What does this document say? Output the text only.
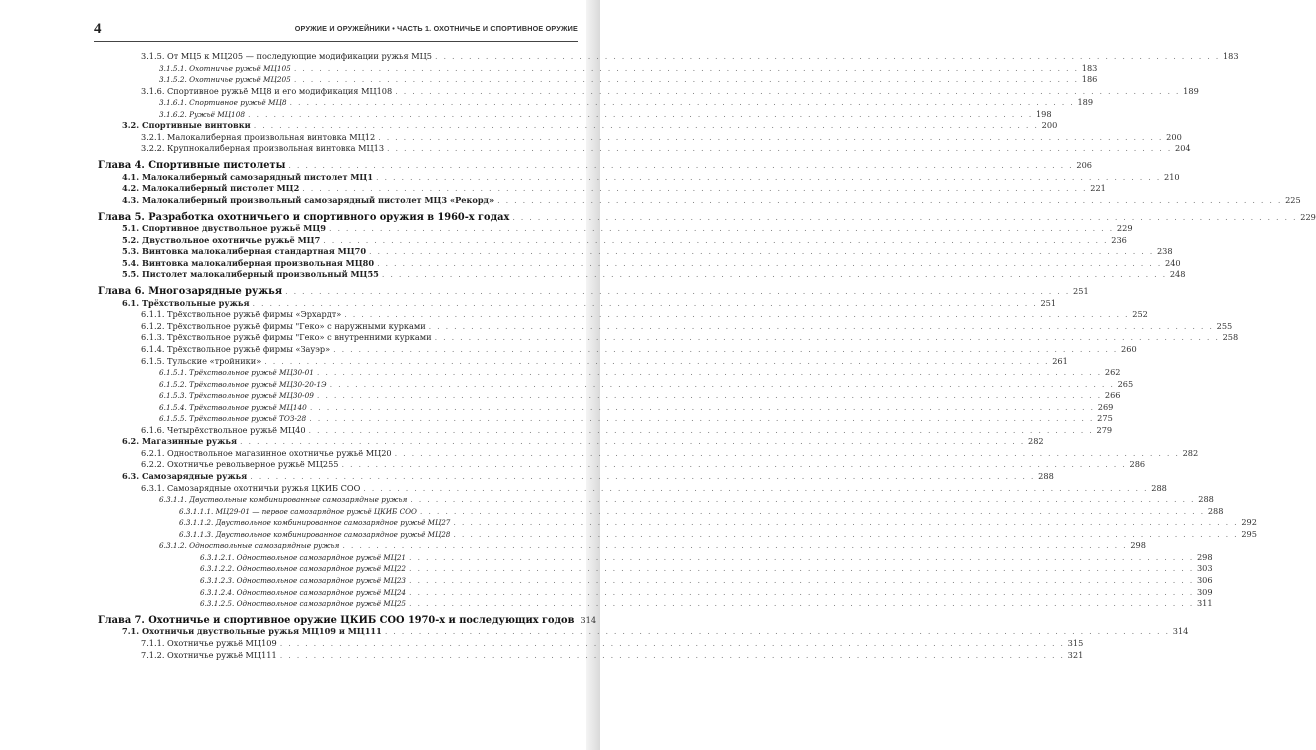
4	ОРУЖИЕ И ОРУЖЕЙНИКИ • ЧАСТЬ 1. ОХОТНИЧЬЕ И СПОРТИВНОЕ ОРУЖИЕ
3.1.5. От МЦ5 к МЦ205 — последующие модификации ружья МЦ5 . . . . . . . . . . . . . . . . . . . . . . . . . . . . . . . . . . . . . . . . . . . . . . . . . . . . . . . . . . . . . . . . . . . . . . . . . . . . . . . . . . . . . . . . . . . . . 183
3.1.5.1. Охотничье ружьё МЦ105 . . . . . . . . . . . . . . . . . . . . . . . . . . . . . . . . . . . . . . . . . . . . . . . . . . . . . . . . . . . . . . . . . . . . . . . . . . . . . . . . . . . . . . . . . . . . . 183
3.1.5.2. Охотничье ружьё МЦ205 . . . . . . . . . . . . . . . . . . . . . . . . . . . . . . . . . . . . . . . . . . . . . . . . . . . . . . . . . . . . . . . . . . . . . . . . . . . . . . . . . . . . . . . . . . . . . 186
3.1.6. Спортивное ружьё МЦ8 и его модификация МЦ108 . . . . . . . . . . . . . . . . . . . . . . . . . . . . . . . . . . . . . . . . . . . . . . . . . . . . . . . . . . . . . . . . . . . . . . . . . . . . . . . . . . . . . . . . . . . . . 189
3.1.6.1. Спортивное ружьё МЦ8 . . . . . . . . . . . . . . . . . . . . . . . . . . . . . . . . . . . . . . . . . . . . . . . . . . . . . . . . . . . . . . . . . . . . . . . . . . . . . . . . . . . . . . . . . . . . . 189
3.1.6.2. Ружьё МЦ108 . . . . . . . . . . . . . . . . . . . . . . . . . . . . . . . . . . . . . . . . . . . . . . . . . . . . . . . . . . . . . . . . . . . . . . . . . . . . . . . . . . . . . . . . . . . . . 198
3.2. Спортивные винтовки . . . . . . . . . . . . . . . . . . . . . . . . . . . . . . . . . . . . . . . . . . . . . . . . . . . . . . . . . . . . . . . . . . . . . . . . . . . . . . . . . . . . . . . . . . . . . 200
3.2.1. Малокалиберная произвольная винтовка МЦ12 . . . . . . . . . . . . . . . . . . . . . . . . . . . . . . . . . . . . . . . . . . . . . . . . . . . . . . . . . . . . . . . . . . . . . . . . . . . . . . . . . . . . . . . . . . . . . 200
3.2.2. Крупнокалиберная произвольная винтовка МЦ13 . . . . . . . . . . . . . . . . . . . . . . . . . . . . . . . . . . . . . . . . . . . . . . . . . . . . . . . . . . . . . . . . . . . . . . . . . . . . . . . . . . . . . . . . . . . . . 204
Глава 4. Спортивные пистолеты . . . . . . . . . . . . . . . . . . . . . . . . . . . . . . . . . . . . . . . . . . . . . . . . . . . . . . . . . . . . . . . . . . . . . . . . . . . . . . . . . . . . . . . . . . . . . 206
4.1. Малокалиберный самозарядный пистолет МЦ1 . . . . . . . . . . . . . . . . . . . . . . . . . . . . . . . . . . . . . . . . . . . . . . . . . . . . . . . . . . . . . . . . . . . . . . . . . . . . . . . . . . . . . . . . . . . . . 210
4.2. Малокалиберный пистолет МЦ2 . . . . . . . . . . . . . . . . . . . . . . . . . . . . . . . . . . . . . . . . . . . . . . . . . . . . . . . . . . . . . . . . . . . . . . . . . . . . . . . . . . . . . . . . . . . . . 221
4.3. Малокалиберный произвольный самозарядный пистолет МЦ3 «Рекорд» . . . . . . . . . . . . . . . . . . . . . . . . . . . . . . . . . . . . . . . . . . . . . . . . . . . . . . . . . . . . . . . . . . . . . . . . . . . . . . . . . . . . . . . . . . . . . 225
Глава 5. Разработка охотничьего и спортивного оружия в 1960-х годах . . . . . . . . . . . . . . . . . . . . . . . . . . . . . . . . . . . . . . . . . . . . . . . . . . . . . . . . . . . . . . . . . . . . . . . . . . . . . . . . . . . . . . . . . . . . . 229
5.1. Спортивное двуствольное ружьё МЦ9 . . . . . . . . . . . . . . . . . . . . . . . . . . . . . . . . . . . . . . . . . . . . . . . . . . . . . . . . . . . . . . . . . . . . . . . . . . . . . . . . . . . . . . . . . . . . . 229
5.2. Двуствольное охотничье ружьё МЦ7 . . . . . . . . . . . . . . . . . . . . . . . . . . . . . . . . . . . . . . . . . . . . . . . . . . . . . . . . . . . . . . . . . . . . . . . . . . . . . . . . . . . . . . . . . . . . . 236
5.3. Винтовка малокалиберная стандартная МЦ70 . . . . . . . . . . . . . . . . . . . . . . . . . . . . . . . . . . . . . . . . . . . . . . . . . . . . . . . . . . . . . . . . . . . . . . . . . . . . . . . . . . . . . . . . . . . . . 238
5.4. Винтовка малокалиберная произвольная МЦ80 . . . . . . . . . . . . . . . . . . . . . . . . . . . . . . . . . . . . . . . . . . . . . . . . . . . . . . . . . . . . . . . . . . . . . . . . . . . . . . . . . . . . . . . . . . . . . 240
5.5. Пистолет малокалиберный произвольный МЦ55 . . . . . . . . . . . . . . . . . . . . . . . . . . . . . . . . . . . . . . . . . . . . . . . . . . . . . . . . . . . . . . . . . . . . . . . . . . . . . . . . . . . . . . . . . . . . . 248
Глава 6. Многозарядные ружья . . . . . . . . . . . . . . . . . . . . . . . . . . . . . . . . . . . . . . . . . . . . . . . . . . . . . . . . . . . . . . . . . . . . . . . . . . . . . . . . . . . . . . . . . . . . . 251
6.1. Трёхствольные ружья . . . . . . . . . . . . . . . . . . . . . . . . . . . . . . . . . . . . . . . . . . . . . . . . . . . . . . . . . . . . . . . . . . . . . . . . . . . . . . . . . . . . . . . . . . . . . 251
6.1.1. Трёхствольное ружьё фирмы «Эрхардт» . . . . . . . . . . . . . . . . . . . . . . . . . . . . . . . . . . . . . . . . . . . . . . . . . . . . . . . . . . . . . . . . . . . . . . . . . . . . . . . . . . . . . . . . . . . . . 252
6.1.2. Трёхствольное ружьё фирмы "Геко» с наружными курками . . . . . . . . . . . . . . . . . . . . . . . . . . . . . . . . . . . . . . . . . . . . . . . . . . . . . . . . . . . . . . . . . . . . . . . . . . . . . . . . . . . . . . . . . . . . . 255
6.1.3. Трёхствольное ружьё фирмы "Геко» с внутренними курками . . . . . . . . . . . . . . . . . . . . . . . . . . . . . . . . . . . . . . . . . . . . . . . . . . . . . . . . . . . . . . . . . . . . . . . . . . . . . . . . . . . . . . . . . . . . . 258
6.1.4. Трёхствольное ружьё фирмы «Зауэр» . . . . . . . . . . . . . . . . . . . . . . . . . . . . . . . . . . . . . . . . . . . . . . . . . . . . . . . . . . . . . . . . . . . . . . . . . . . . . . . . . . . . . . . . . . . . . 260
6.1.5. Тульские «тройники» . . . . . . . . . . . . . . . . . . . . . . . . . . . . . . . . . . . . . . . . . . . . . . . . . . . . . . . . . . . . . . . . . . . . . . . . . . . . . . . . . . . . . . . . . . . . . 261
6.1.5.1. Трёхствольное ружьё МЦ30-01 . . . . . . . . . . . . . . . . . . . . . . . . . . . . . . . . . . . . . . . . . . . . . . . . . . . . . . . . . . . . . . . . . . . . . . . . . . . . . . . . . . . . . . . . . . . . . 262
6.1.5.2. Трёхствольное ружьё МЦ30-20-1Э . . . . . . . . . . . . . . . . . . . . . . . . . . . . . . . . . . . . . . . . . . . . . . . . . . . . . . . . . . . . . . . . . . . . . . . . . . . . . . . . . . . . . . . . . . . . . 265
6.1.5.3. Трёхствольное ружьё МЦ30-09 . . . . . . . . . . . . . . . . . . . . . . . . . . . . . . . . . . . . . . . . . . . . . . . . . . . . . . . . . . . . . . . . . . . . . . . . . . . . . . . . . . . . . . . . . . . . . 266
6.1.5.4. Трёхствольное ружьё МЦ140 . . . . . . . . . . . . . . . . . . . . . . . . . . . . . . . . . . . . . . . . . . . . . . . . . . . . . . . . . . . . . . . . . . . . . . . . . . . . . . . . . . . . . . . . . . . . . 269
6.1.5.5. Трёхствольное ружьё ТОЗ-28 . . . . . . . . . . . . . . . . . . . . . . . . . . . . . . . . . . . . . . . . . . . . . . . . . . . . . . . . . . . . . . . . . . . . . . . . . . . . . . . . . . . . . . . . . . . . . 275
6.1.6. Четырёхствольное ружьё МЦ40 . . . . . . . . . . . . . . . . . . . . . . . . . . . . . . . . . . . . . . . . . . . . . . . . . . . . . . . . . . . . . . . . . . . . . . . . . . . . . . . . . . . . . . . . . . . . . 279
6.2. Магазинные ружья . . . . . . . . . . . . . . . . . . . . . . . . . . . . . . . . . . . . . . . . . . . . . . . . . . . . . . . . . . . . . . . . . . . . . . . . . . . . . . . . . . . . . . . . . . . . . 282
6.2.1. Одноствольное магазинное охотничье ружьё МЦ20 . . . . . . . . . . . . . . . . . . . . . . . . . . . . . . . . . . . . . . . . . . . . . . . . . . . . . . . . . . . . . . . . . . . . . . . . . . . . . . . . . . . . . . . . . . . . . 282
6.2.2. Охотничье револьверное ружьё МЦ255 . . . . . . . . . . . . . . . . . . . . . . . . . . . . . . . . . . . . . . . . . . . . . . . . . . . . . . . . . . . . . . . . . . . . . . . . . . . . . . . . . . . . . . . . . . . . . 286
6.3. Самозарядные ружья . . . . . . . . . . . . . . . . . . . . . . . . . . . . . . . . . . . . . . . . . . . . . . . . . . . . . . . . . . . . . . . . . . . . . . . . . . . . . . . . . . . . . . . . . . . . . 288
6.3.1. Самозарядные охотничьи ружья ЦКИБ СОО . . . . . . . . . . . . . . . . . . . . . . . . . . . . . . . . . . . . . . . . . . . . . . . . . . . . . . . . . . . . . . . . . . . . . . . . . . . . . . . . . . . . . . . . . . . . . 288
6.3.1.1. Двуствольные комбинированные самозарядные ружья . . . . . . . . . . . . . . . . . . . . . . . . . . . . . . . . . . . . . . . . . . . . . . . . . . . . . . . . . . . . . . . . . . . . . . . . . . . . . . . . . . . . . . . . . . . . . 288
6.3.1.1.1. МЦ29-01 — первое самозарядное ружьё ЦКИБ СОО . . . . . . . . . . . . . . . . . . . . . . . . . . . . . . . . . . . . . . . . . . . . . . . . . . . . . . . . . . . . . . . . . . . . . . . . . . . . . . . . . . . . . . . . . . . . . 288
6.3.1.1.2. Двуствольное комбинированное самозарядное ружьё МЦ27 . . . . . . . . . . . . . . . . . . . . . . . . . . . . . . . . . . . . . . . . . . . . . . . . . . . . . . . . . . . . . . . . . . . . . . . . . . . . . . . . . . . . . . . . . . . . . 292
6.3.1.1.3. Двуствольное комбинированное самозарядное ружьё МЦ28 . . . . . . . . . . . . . . . . . . . . . . . . . . . . . . . . . . . . . . . . . . . . . . . . . . . . . . . . . . . . . . . . . . . . . . . . . . . . . . . . . . . . . . . . . . . . . 295
6.3.1.2. Одноствольные самозарядные ружья . . . . . . . . . . . . . . . . . . . . . . . . . . . . . . . . . . . . . . . . . . . . . . . . . . . . . . . . . . . . . . . . . . . . . . . . . . . . . . . . . . . . . . . . . . . . . 298
6.3.1.2.1. Одноствольное самозарядное ружьё МЦ21 . . . . . . . . . . . . . . . . . . . . . . . . . . . . . . . . . . . . . . . . . . . . . . . . . . . . . . . . . . . . . . . . . . . . . . . . . . . . . . . . . . . . . . . . . . . . . 298
6.3.1.2.2. Одноствольное самозарядное ружьё МЦ22 . . . . . . . . . . . . . . . . . . . . . . . . . . . . . . . . . . . . . . . . . . . . . . . . . . . . . . . . . . . . . . . . . . . . . . . . . . . . . . . . . . . . . . . . . . . . . 303
6.3.1.2.3. Одноствольное самозарядное ружьё МЦ23 . . . . . . . . . . . . . . . . . . . . . . . . . . . . . . . . . . . . . . . . . . . . . . . . . . . . . . . . . . . . . . . . . . . . . . . . . . . . . . . . . . . . . . . . . . . . . 306
6.3.1.2.4. Одноствольное самозарядное ружьё МЦ24 . . . . . . . . . . . . . . . . . . . . . . . . . . . . . . . . . . . . . . . . . . . . . . . . . . . . . . . . . . . . . . . . . . . . . . . . . . . . . . . . . . . . . . . . . . . . . 309
6.3.1.2.5. Одноствольное самозарядное ружьё МЦ25 . . . . . . . . . . . . . . . . . . . . . . . . . . . . . . . . . . . . . . . . . . . . . . . . . . . . . . . . . . . . . . . . . . . . . . . . . . . . . . . . . . . . . . . . . . . . . 311
Глава 7. Охотничье и спортивное оружие ЦКИБ СОО 1970-х и последующих годов 314
7.1. Охотничьи двуствольные ружья МЦ109 и МЦ111 . . . . . . . . . . . . . . . . . . . . . . . . . . . . . . . . . . . . . . . . . . . . . . . . . . . . . . . . . . . . . . . . . . . . . . . . . . . . . . . . . . . . . . . . . . . . . 314
7.1.1. Охотничье ружьё МЦ109 . . . . . . . . . . . . . . . . . . . . . . . . . . . . . . . . . . . . . . . . . . . . . . . . . . . . . . . . . . . . . . . . . . . . . . . . . . . . . . . . . . . . . . . . . . . . . 315
7.1.2. Охотничье ружьё МЦ111 . . . . . . . . . . . . . . . . . . . . . . . . . . . . . . . . . . . . . . . . . . . . . . . . . . . . . . . . . . . . . . . . . . . . . . . . . . . . . . . . . . . . . . . . . . . . . 321
